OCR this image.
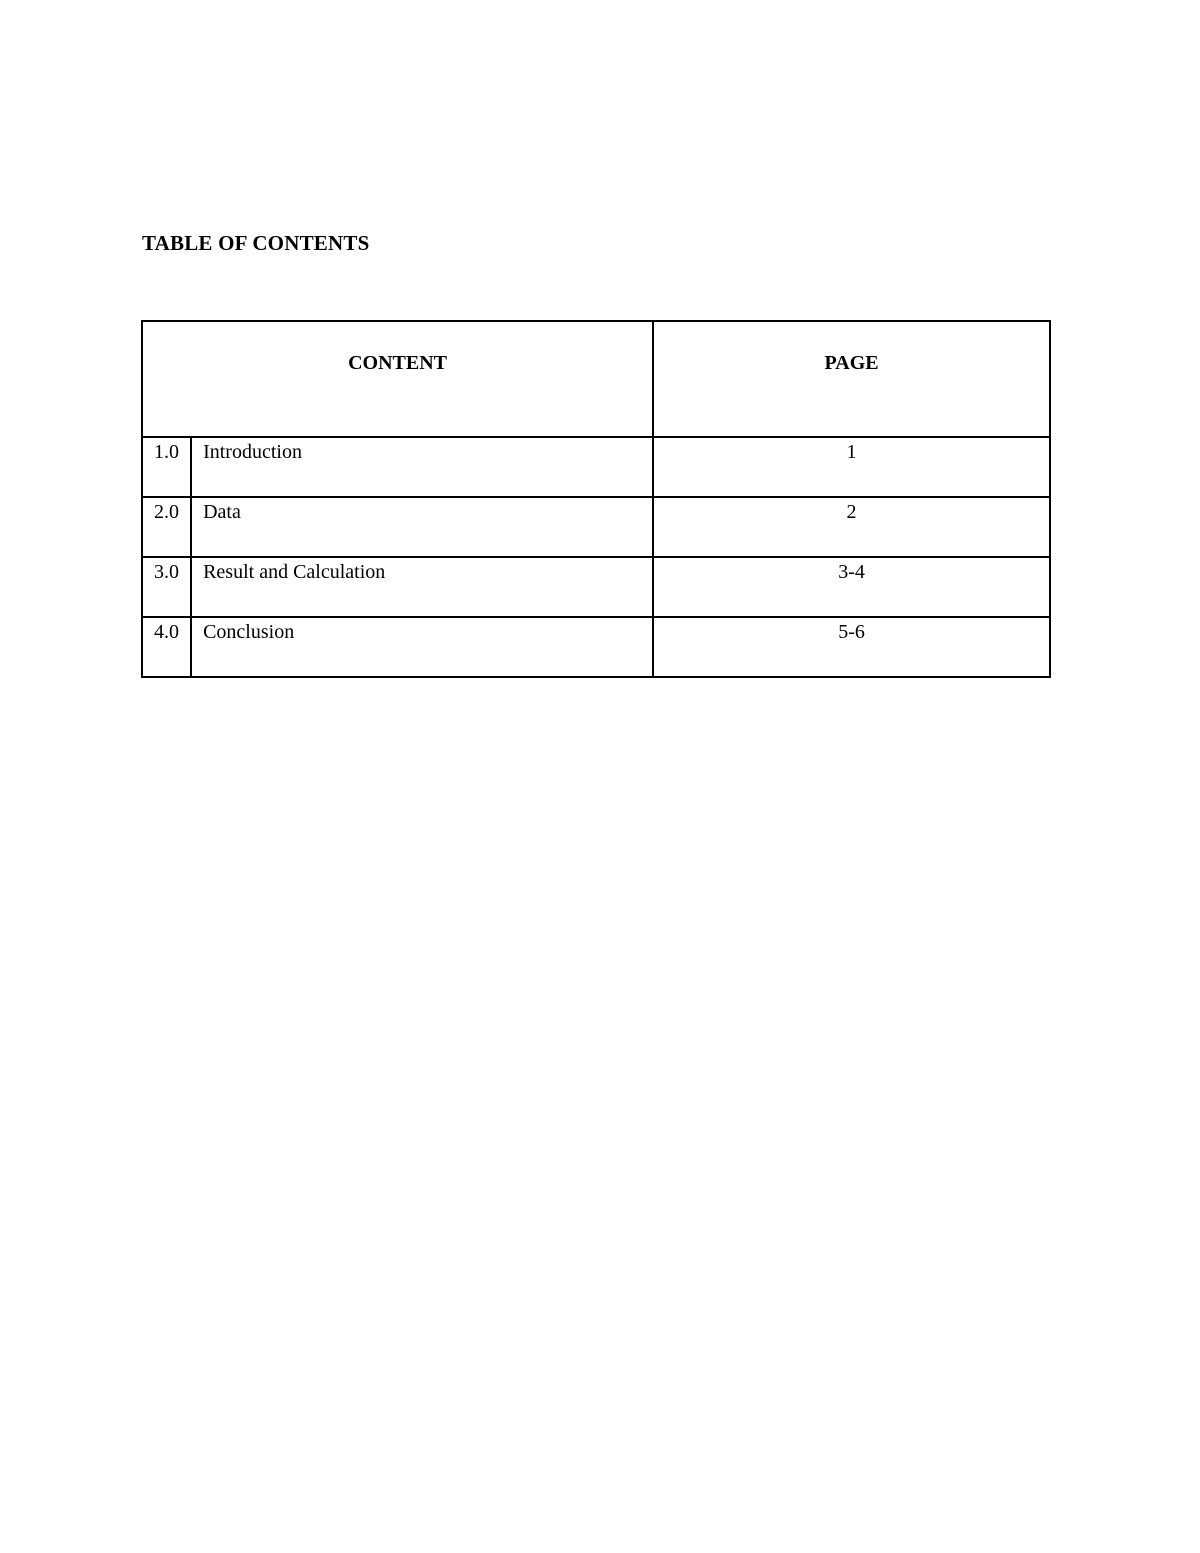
TABLE OF CONTENTS
CONTENT		PAGE
1.0	Introduction	1
2.0	Data	2
3.0	Result and Calculation	3-4
4.0	Conclusion	5-6
